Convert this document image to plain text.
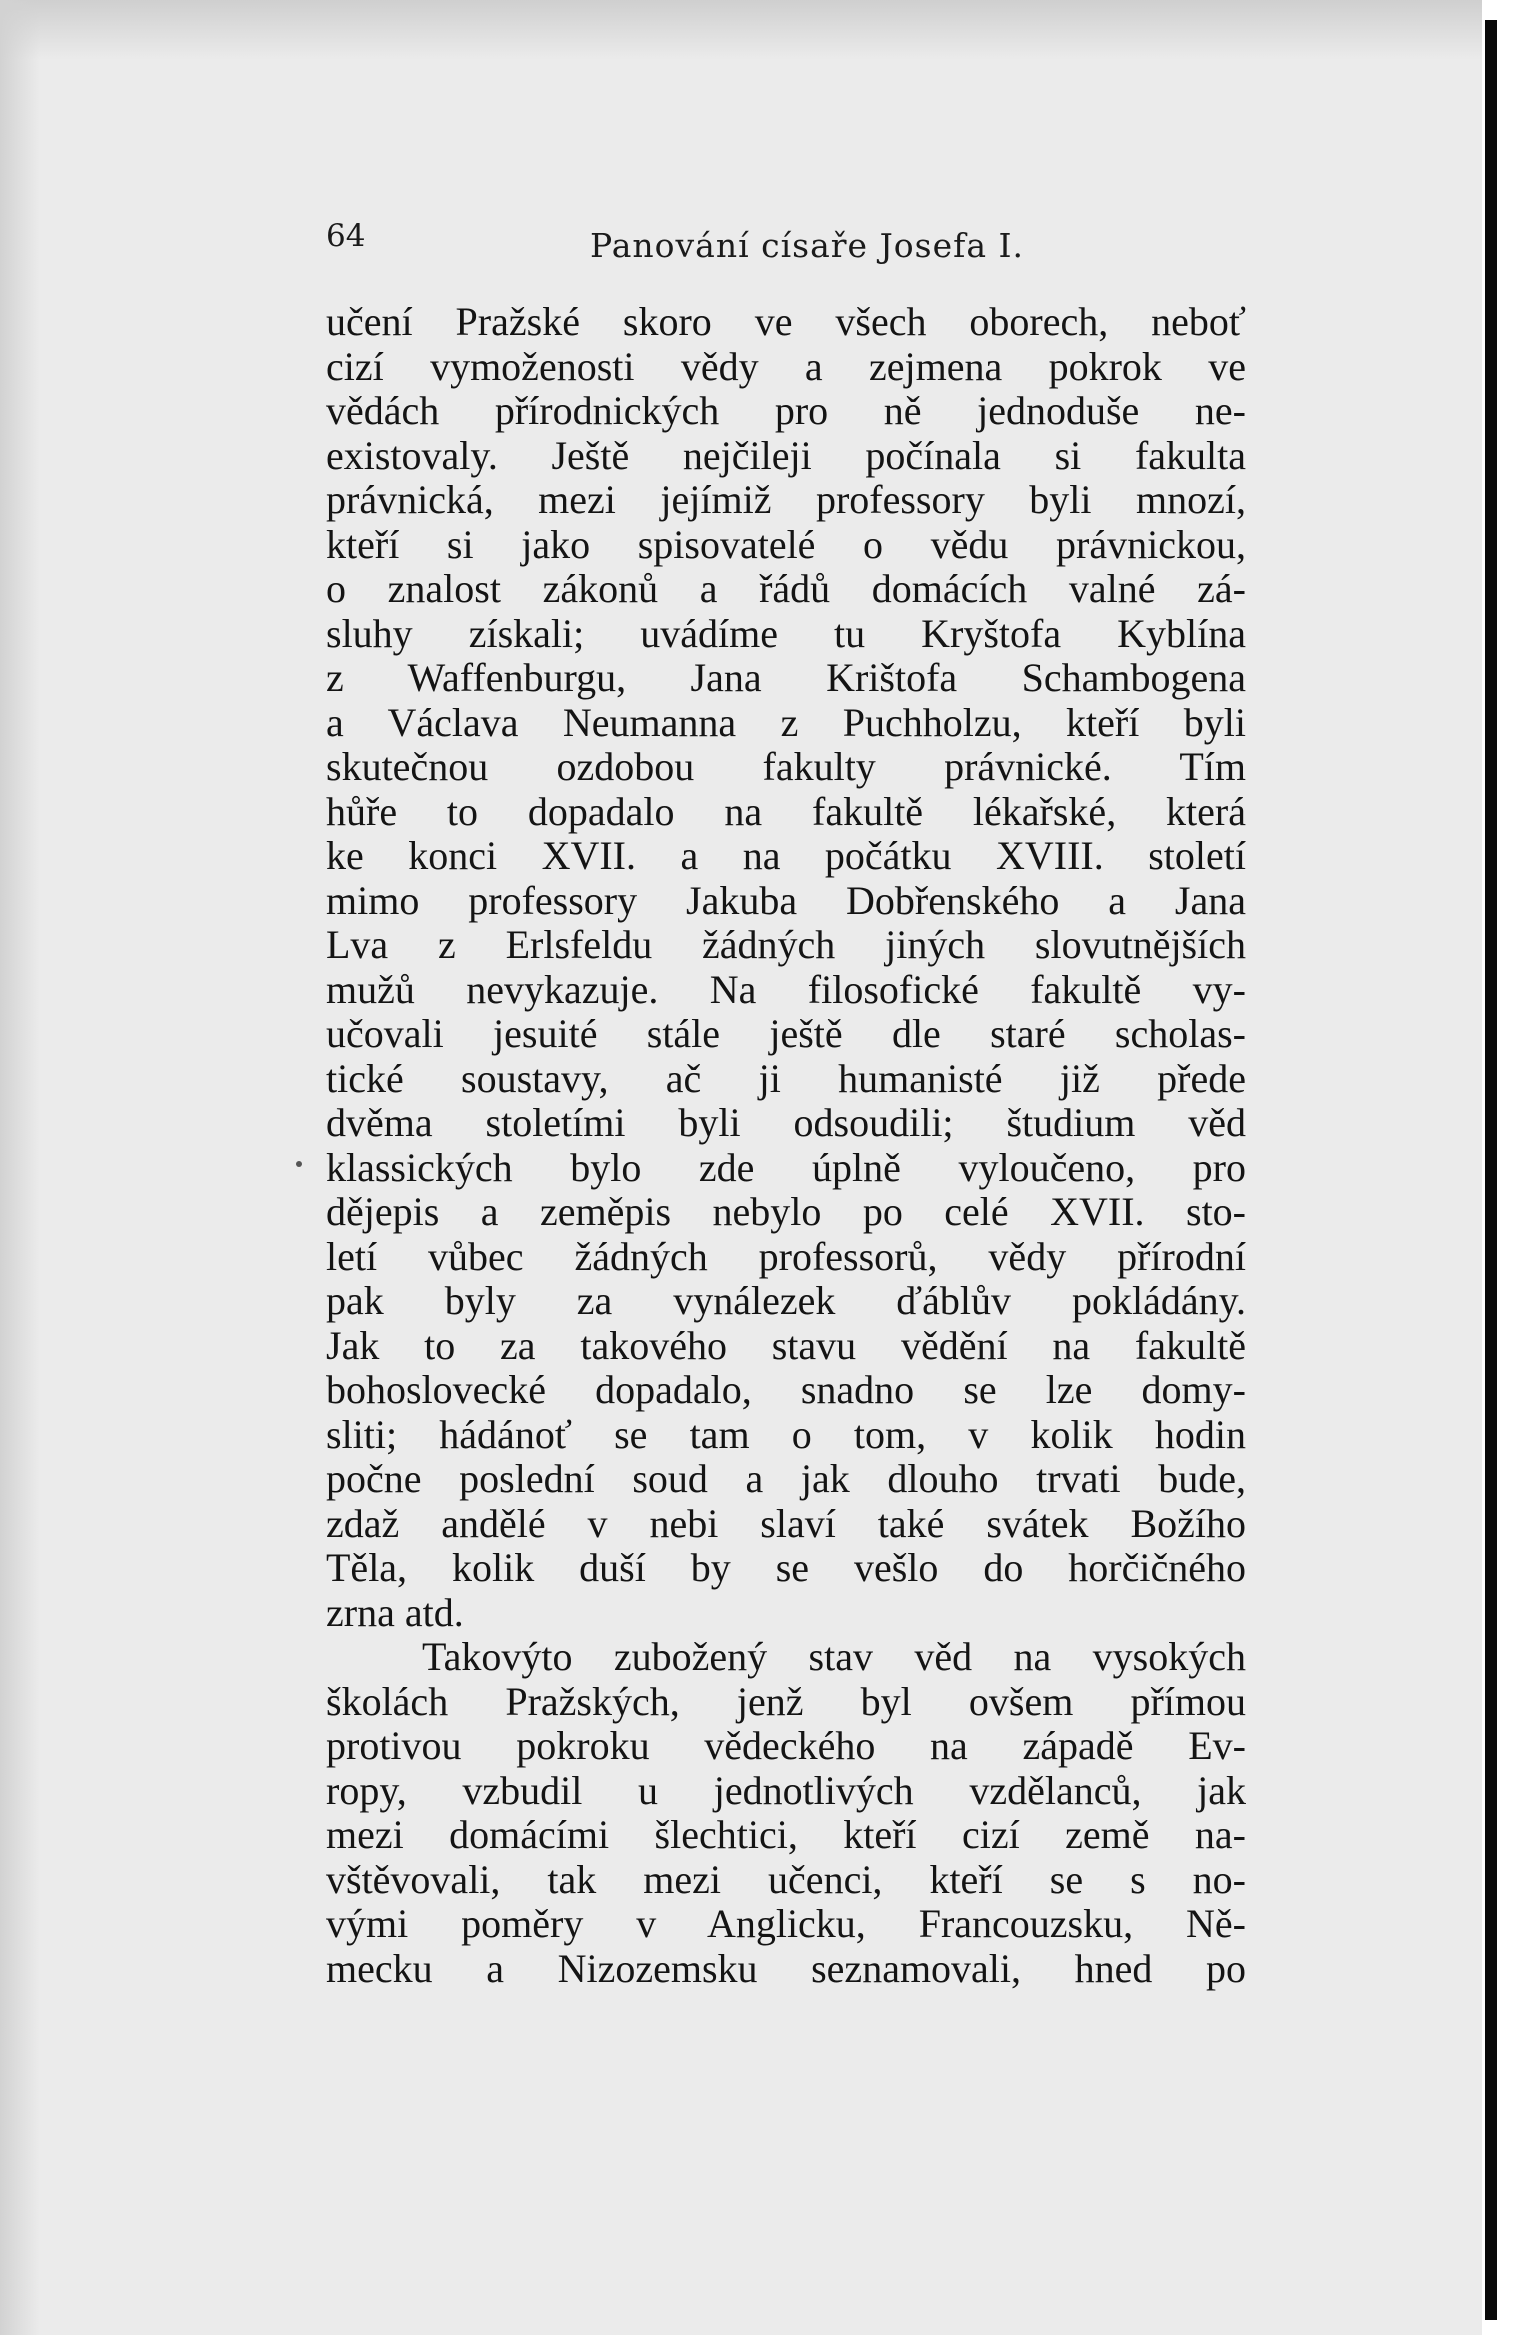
64	Panování císaře Josefa I.
učení Pražské skoro ve všech oborech, neboť
cizí vymoženosti vědy a zejmena pokrok ve
vědách přírodnických pro ně jednoduše ne-
existovaly. Ještě nejčileji počínala si fakulta
právnická, mezi jejímiž professory byli mnozí,
kteří si jako spisovatelé o vědu právnickou,
o znalost zákonů a řádů domácích valné zá-
sluhy získali; uvádíme tu Kryštofa Kyblína
z Waffenburgu, Jana Krištofa Schambogena
a Václava Neumanna z Puchholzu, kteří byli
skutečnou ozdobou fakulty právnické. Tím
hůře to dopadalo na fakultě lékařské, která
ke konci XVII. a na počátku XVIII. století
mimo professory Jakuba Dobřenského a Jana
Lva z Erlsfeldu žádných jiných slovutnějších
mužů nevykazuje. Na filosofické fakultě vy-
učovali jesuité stále ještě dle staré scholas-
tické soustavy, ač ji humanisté již přede
dvěma stoletími byli odsoudili; študium věd
klassických bylo zde úplně vyloučeno, pro
dějepis a zeměpis nebylo po celé XVII. sto-
letí vůbec žádných professorů, vědy přírodní
pak byly za vynálezek ďáblův pokládány.
Jak to za takového stavu vědění na fakultě
bohoslovecké dopadalo, snadno se lze domy-
sliti; hádánoť se tam o tom, v kolik hodin
počne poslední soud a jak dlouho trvati bude,
zdaž andělé v nebi slaví také svátek Božího
Těla, kolik duší by se vešlo do horčičného
zrna atd.
Takovýto zubožený stav věd na vysokých
školách Pražských, jenž byl ovšem přímou
protivou pokroku vědeckého na západě Ev-
ropy, vzbudil u jednotlivých vzdělanců, jak
mezi domácími šlechtici, kteří cizí země na-
vštěvovali, tak mezi učenci, kteří se s no-
vými poměry v Anglicku, Francouzsku, Ně-
mecku a Nizozemsku seznamovali, hned po
